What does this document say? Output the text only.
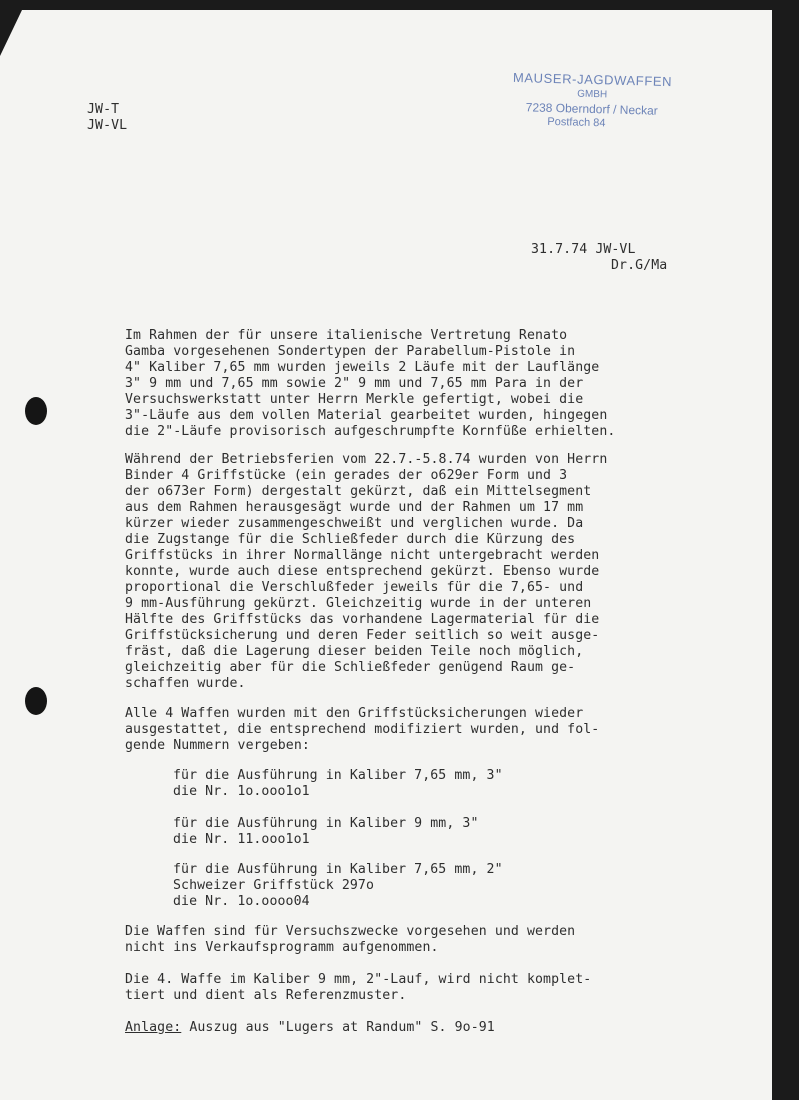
JW-T
JW-VL
MAUSER-JAGDWAFFEN
GMBH
7238 Oberndorf / Neckar
Postfach 84
31.7.74 JW-VL
Dr.G/Ma
Im Rahmen der für unsere italienische Vertretung Renato
Gamba vorgesehenen Sondertypen der Parabellum-Pistole in
4" Kaliber 7,65 mm wurden jeweils 2 Läufe mit der Lauflänge
3" 9 mm und 7,65 mm sowie 2" 9 mm und 7,65 mm Para in der
Versuchswerkstatt unter Herrn Merkle gefertigt, wobei die
3"-Läufe aus dem vollen Material gearbeitet wurden, hingegen
die 2"-Läufe provisorisch aufgeschrumpfte Kornfüße erhielten.
Während der Betriebsferien vom 22.7.-5.8.74 wurden von Herrn
Binder 4 Griffstücke (ein gerades der o629er Form und 3
der o673er Form) dergestalt gekürzt, daß ein Mittelsegment
aus dem Rahmen herausgesägt wurde und der Rahmen um 17 mm
kürzer wieder zusammengeschweißt und verglichen wurde. Da
die Zugstange für die Schließfeder durch die Kürzung des
Griffstücks in ihrer Normallänge nicht untergebracht werden
konnte, wurde auch diese entsprechend gekürzt. Ebenso wurde
proportional die Verschlußfeder jeweils für die 7,65- und
9 mm-Ausführung gekürzt. Gleichzeitig wurde in der unteren
Hälfte des Griffstücks das vorhandene Lagermaterial für die
Griffstücksicherung und deren Feder seitlich so weit ausge-
fräst, daß die Lagerung dieser beiden Teile noch möglich,
gleichzeitig aber für die Schließfeder genügend Raum ge-
schaffen wurde.
Alle 4 Waffen wurden mit den Griffstücksicherungen wieder
ausgestattet, die entsprechend modifiziert wurden, und fol-
gende Nummern vergeben:
für die Ausführung in Kaliber 7,65 mm, 3"
die Nr. 1o.ooo1o1
für die Ausführung in Kaliber 9 mm, 3"
die Nr. 11.ooo1o1
für die Ausführung in Kaliber 7,65 mm, 2"
Schweizer Griffstück 297o
die Nr. 1o.oooo04
Die Waffen sind für Versuchszwecke vorgesehen und werden
nicht ins Verkaufsprogramm aufgenommen.
Die 4. Waffe im Kaliber 9 mm, 2"-Lauf, wird nicht komplet-
tiert und dient als Referenzmuster.
Anlage: Auszug aus "Lugers at Randum" S. 9o-91
